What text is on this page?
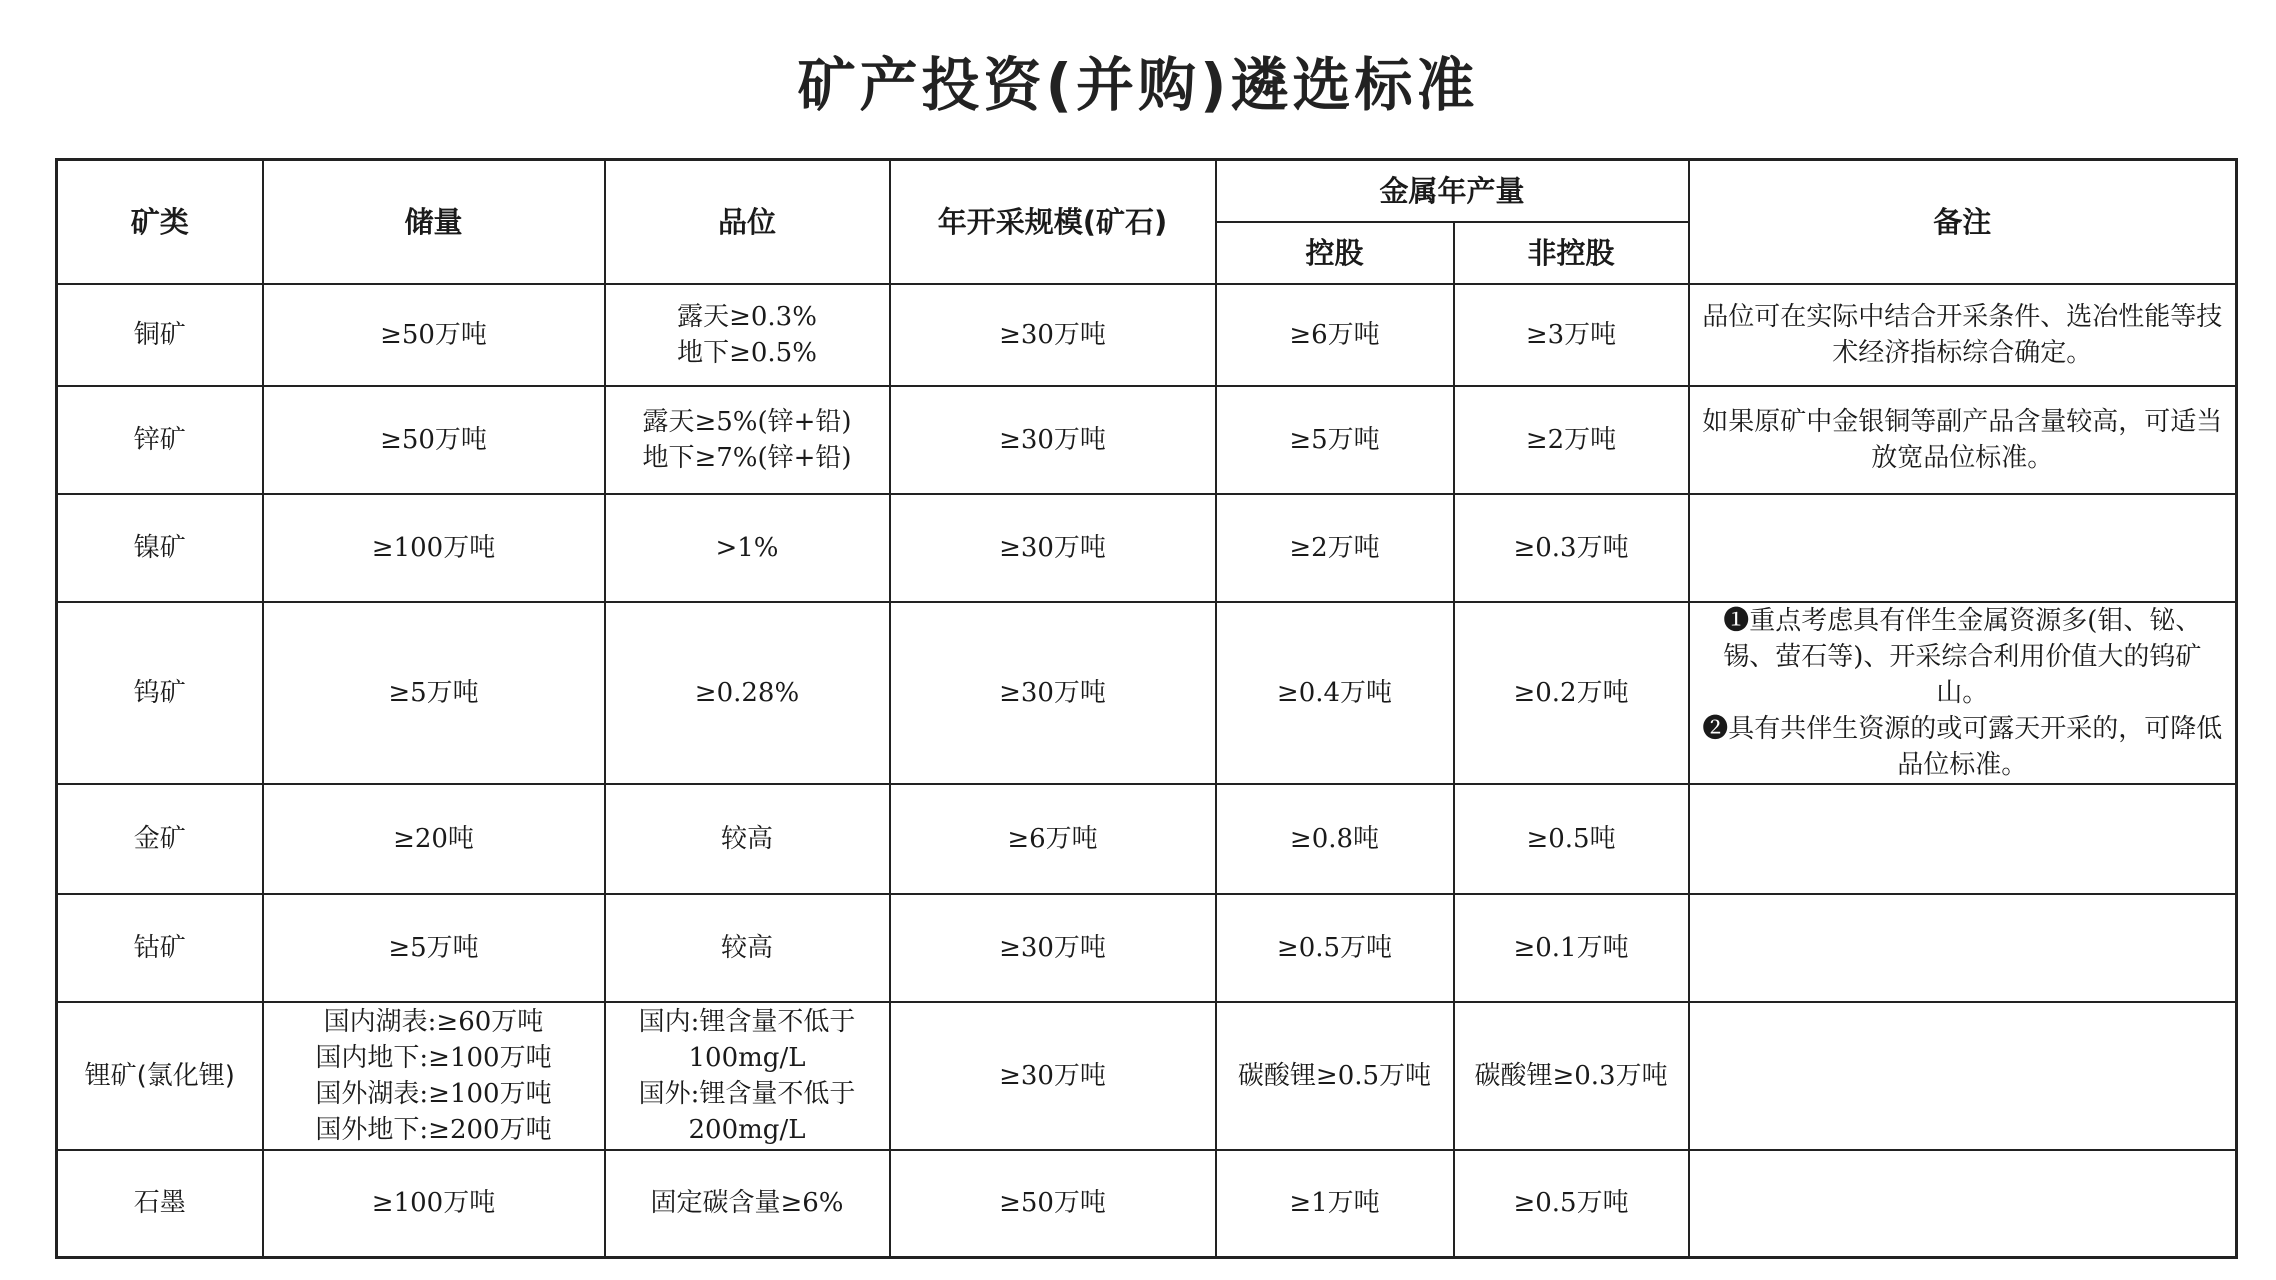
矿产投资(并购)遴选标准
矿类	储量	品位	年开采规模(矿石)	金属年产量		备注
				控股	非控股	
铜矿	≥50万吨	露天≥0.3%
地下≥0.5%	≥30万吨	≥6万吨	≥3万吨	品位可在实际中结合开采条件、选冶性能等技术经济指标综合确定。

锌矿	≥50万吨	露天≥5%(锌+铅)
地下≥7%(锌+铅)	≥30万吨	≥5万吨	≥2万吨	如果原矿中金银铜等副产品含量较高，可适当放宽品位标准。

镍矿	≥100万吨	>1%	≥30万吨	≥2万吨	≥0.3万吨	
钨矿	≥5万吨	≥0.28%	≥30万吨	≥0.4万吨	≥0.2万吨	❶重点考虑具有伴生金属资源多(钼、铋、锡、萤石等)、开采综合利用价值大的钨矿山。
❷具有共伴生资源的或可露天开采的，可降低品位标准。

金矿	≥20吨	较高	≥6万吨	≥0.8吨	≥0.5吨	
钴矿	≥5万吨	较高	≥30万吨	≥0.5万吨	≥0.1万吨	
锂矿(氯化锂)	国内湖表:≥60万吨
国内地下:≥100万吨
国外湖表:≥100万吨
国外地下:≥200万吨	国内:锂含量不低于
100mg/L
国外:锂含量不低于
200mg/L	≥30万吨	碳酸锂≥0.5万吨	碳酸锂≥0.3万吨	
石墨	≥100万吨	固定碳含量≥6%	≥50万吨	≥1万吨	≥0.5万吨	
